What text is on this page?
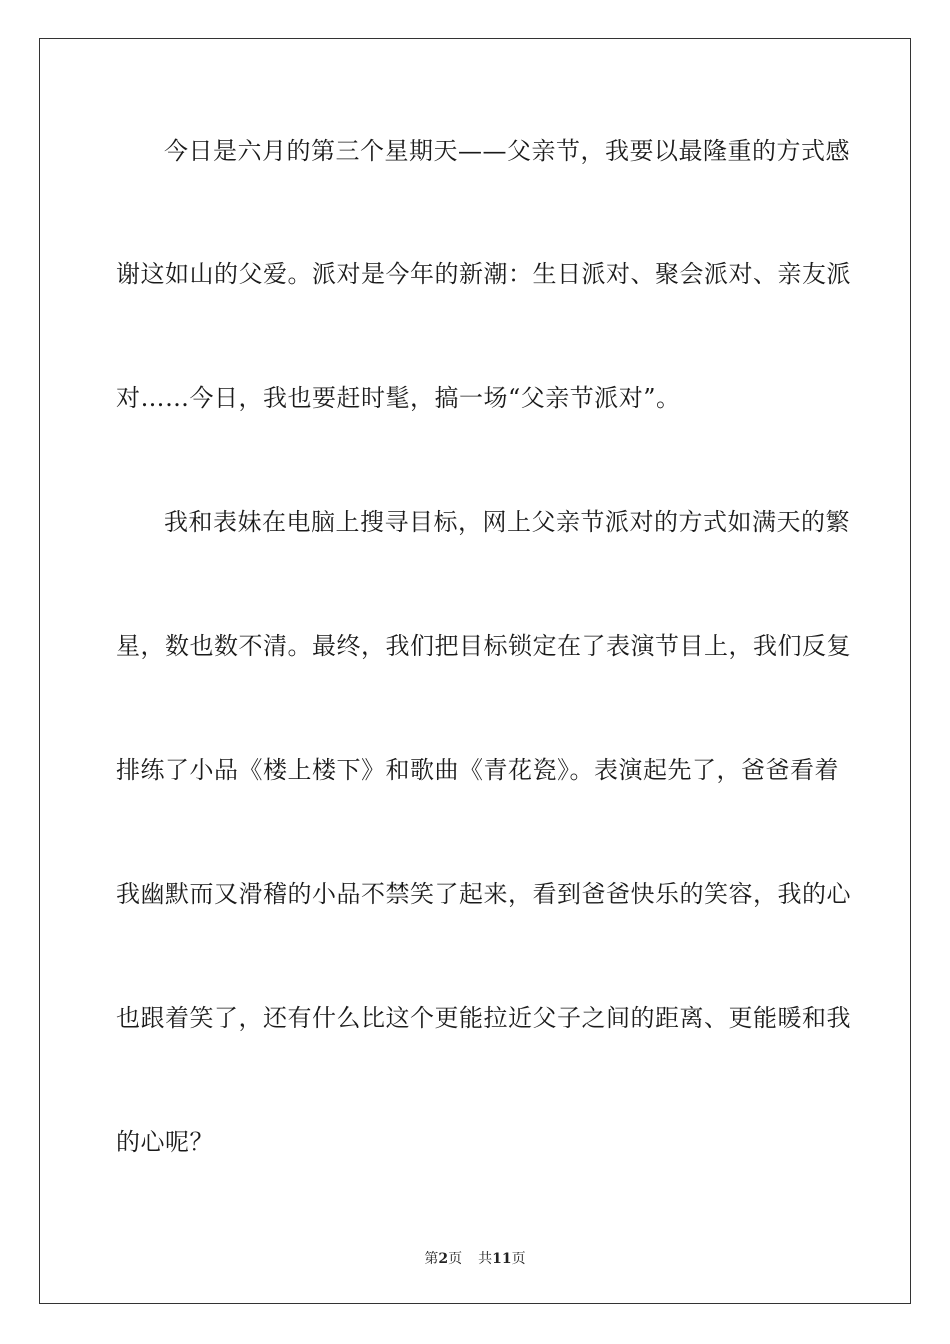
今日是六月的第三个星期天——父亲节，我要以最隆重的方式感
谢这如山的父爱。派对是今年的新潮：生日派对、聚会派对、亲友派
对……今日，我也要赶时髦，搞一场“父亲节派对”。
我和表妹在电脑上搜寻目标，网上父亲节派对的方式如满天的繁
星，数也数不清。最终，我们把目标锁定在了表演节目上，我们反复
排练了小品《楼上楼下》和歌曲《青花瓷》。表演起先了，爸爸看着
我幽默而又滑稽的小品不禁笑了起来，看到爸爸快乐的笑容，我的心
也跟着笑了，还有什么比这个更能拉近父子之间的距离、更能暖和我
的心呢？
第2页 共11页
